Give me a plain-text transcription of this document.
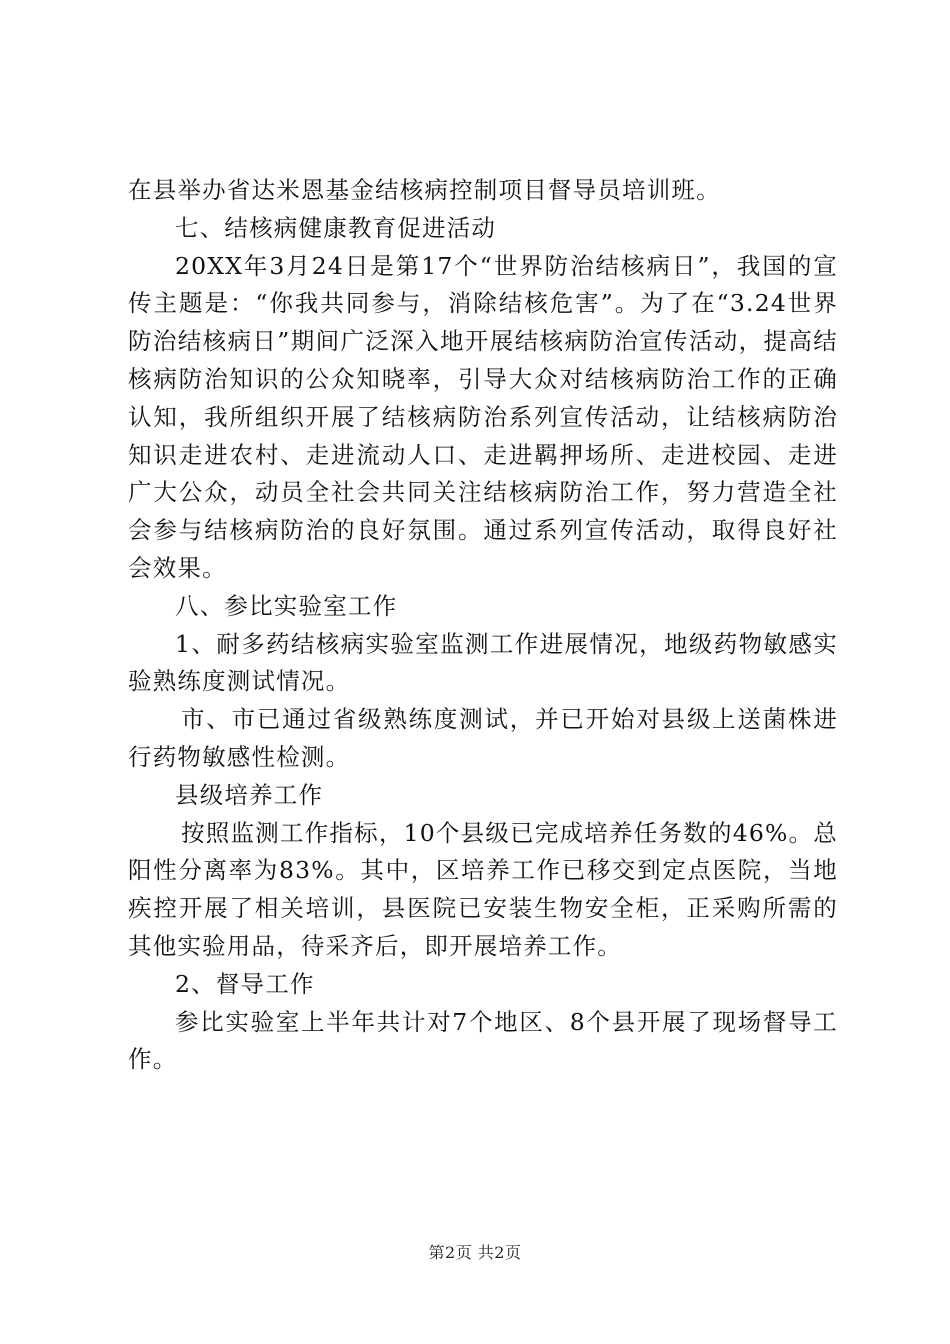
在县举办省达米恩基金结核病控制项目督导员培训班。

七、结核病健康教育促进活动

20XX年3月24日是第17个“世界防治结核病日”，我国的宣传主题是：“你我共同参与，消除结核危害”。为了在“3.24世界防治结核病日”期间广泛深入地开展结核病防治宣传活动，提高结核病防治知识的公众知晓率，引导大众对结核病防治工作的正确认知，我所组织开展了结核病防治系列宣传活动，让结核病防治知识走进农村、走进流动人口、走进羁押场所、走进校园、走进广大公众，动员全社会共同关注结核病防治工作，努力营造全社会参与结核病防治的良好氛围。通过系列宣传活动，取得良好社会效果。

八、参比实验室工作

1、耐多药结核病实验室监测工作进展情况，地级药物敏感实验熟练度测试情况。

市、市已通过省级熟练度测试，并已开始对县级上送菌株进行药物敏感性检测。

县级培养工作

按照监测工作指标，10个县级已完成培养任务数的46%。总阳性分离率为83%。其中，区培养工作已移交到定点医院，当地疾控开展了相关培训，县医院已安装生物安全柜，正采购所需的其他实验用品，待采齐后，即开展培养工作。

2、督导工作

参比实验室上半年共计对7个地区、8个县开展了现场督导工作。

第2页 共2页
